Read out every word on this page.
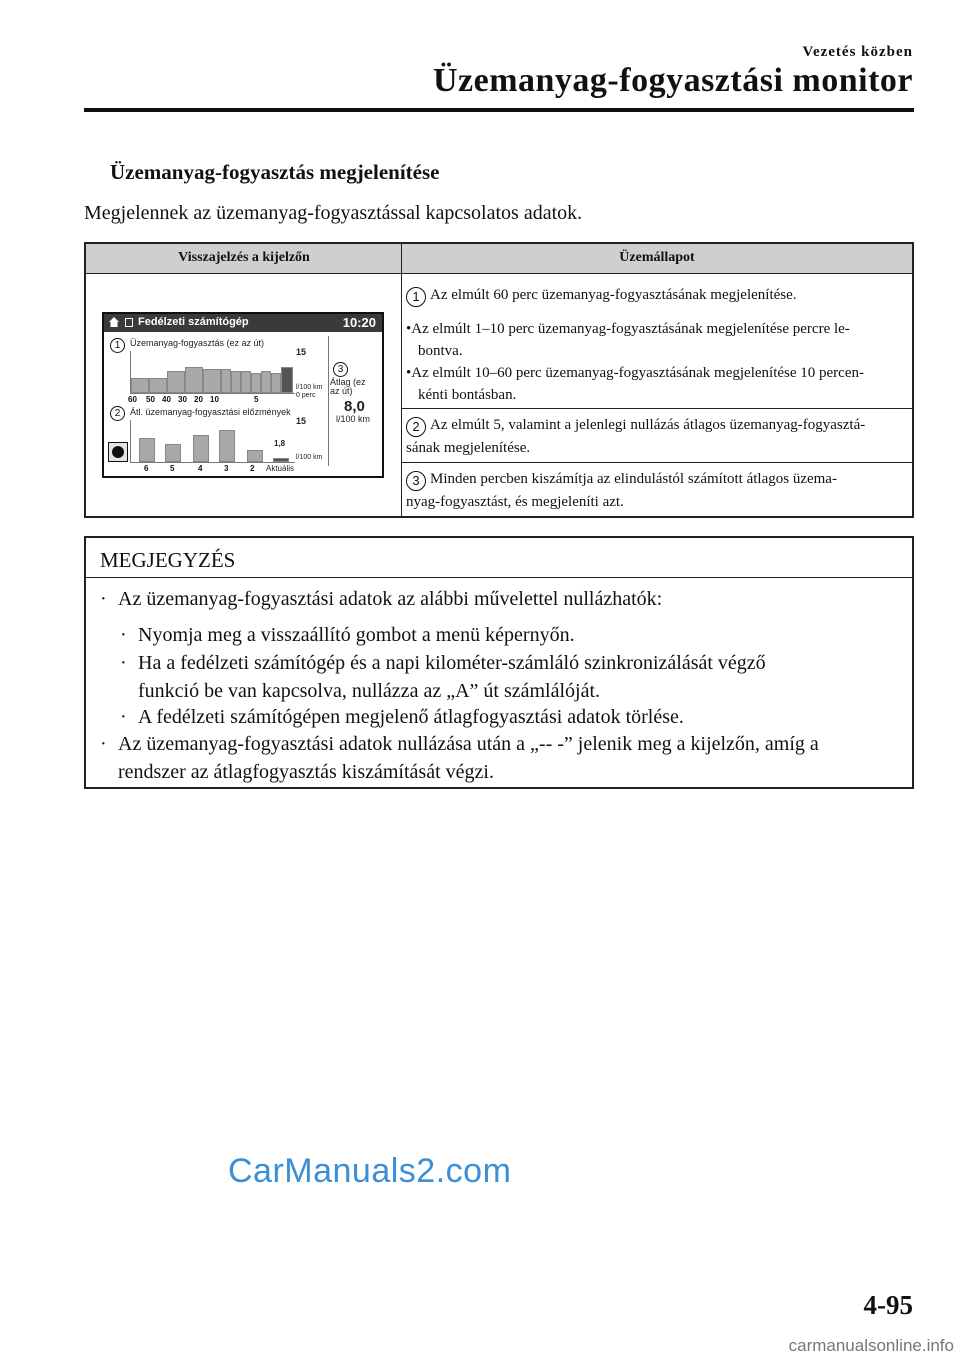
Vezetés közben
Üzemanyag-fogyasztási monitor
Üzemanyag-fogyasztás megjelenítése
Megjelennek az üzemanyag-fogyasztással kapcsolatos adatok.
Visszajelzés a kijelzőn	Üzemállapot
Fedélzeti számítógép	10:20
1	Üzemanyag-fogyasztás (ez az út)
15
l/100 km
0 perc
60 50 40 30 20 10	5
3
Átlag (ez
az út)
8,0
l/100 km
2	Átl. üzemanyag-fogyasztási előzmények
1,8
15
l/100 km
6	5	4	3	2 Aktuális
1 Az elmúlt 60 perc üzemanyag-fogyasztásának megjelenítése.
•Az elmúlt 1–10 perc üzemanyag-fogyasztásának megjelenítése percre le-
bontva.
•Az elmúlt 10–60 perc üzemanyag-fogyasztásának megjelenítése 10 percen-
kénti bontásban.
2 Az elmúlt 5, valamint a jelenlegi nullázás átlagos üzemanyag-fogyasztá-
sának megjelenítése.
3 Minden percben kiszámítja az elindulástól számított átlagos üzema-
nyag-fogyasztást, és megjeleníti azt.
MEGJEGYZÉS
· Az üzemanyag-fogyasztási adatok az alábbi művelettel nullázhatók:
· Nyomja meg a visszaállító gombot a menü képernyőn.
· Ha a fedélzeti számítógép és a napi kilométer-számláló szinkronizálását végző
funkció be van kapcsolva, nullázza az „A” út számlálóját.
· A fedélzeti számítógépen megjelenő átlagfogyasztási adatok törlése.
· Az üzemanyag-fogyasztási adatok nullázása után a „-- -” jelenik meg a kijelzőn, amíg a
rendszer az átlagfogyasztás kiszámítását végzi.
CarManuals2.com
4-95
carmanualsonline.info
